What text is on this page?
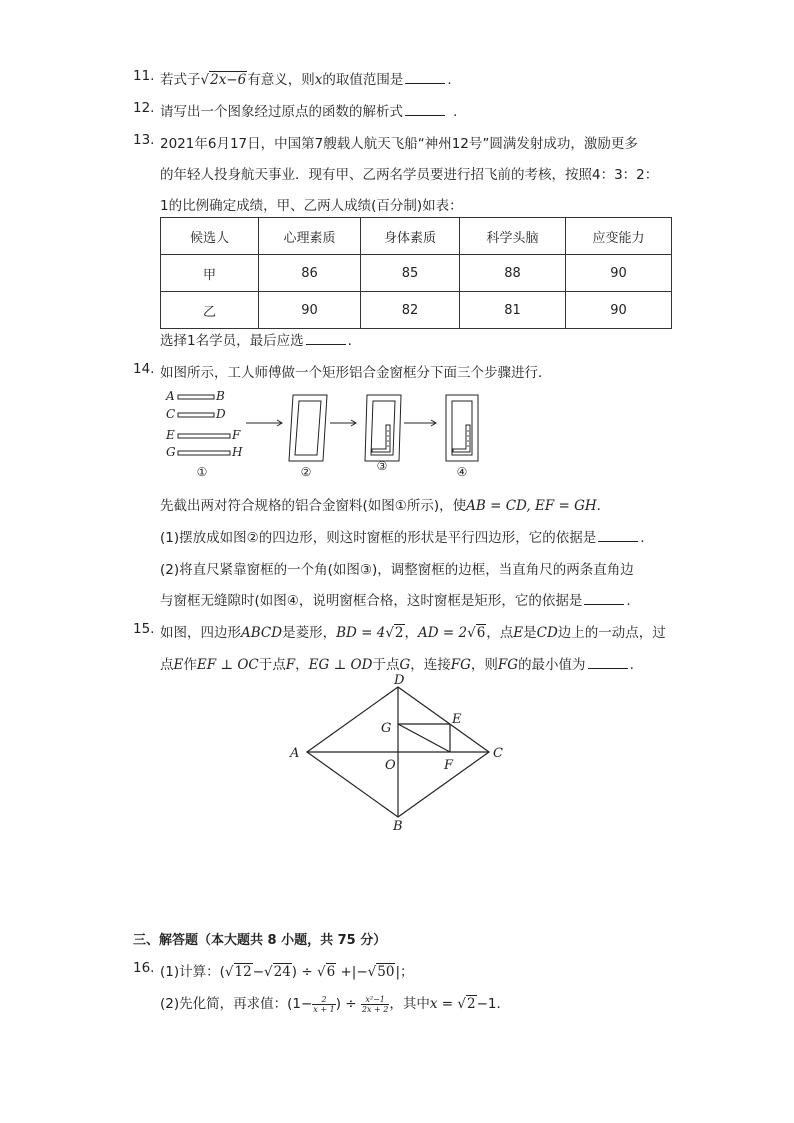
11. 若式子√2x−6有意义，则x的取值范围是	.
12. 请写出一个图象经过原点的函数的解析式	.
13. 2021年6月17日，中国第7艘载人航天飞船“神州12号”圆满发射成功，激励更多
的年轻人投身航天事业．现有甲、乙两名学员要进行招飞前的考核，按照4：3：2：
1的比例确定成绩，甲、乙两人成绩(百分制)如表：
候选人	心理素质	身体素质	科学头脑	应变能力
甲	86	85	88	90
乙	90	82	81	90
选择1名学员，最后应选	.
14. 如图所示，工人师傅做一个矩形铝合金窗框分下面三个步骤进行．
A	B
C	D
E	F
G	H
①	②	③	④
先截出两对符合规格的铝合金窗料(如图①所示)，使AB = CD, EF = GH．
(1)摆放成如图②的四边形，则这时窗框的形状是平行四边形，它的依据是	.
(2)将直尺紧靠窗框的一个角(如图③)，调整窗框的边框，当直角尺的两条直角边
与窗框无缝隙时(如图④，说明窗框合格，这时窗框是矩形，它的依据是	.
15. 如图，四边形ABCD是菱形，BD = 4√2，AD = 2√6，点E是CD边上的一动点，过
点E作EF ⊥ OC于点F，EG ⊥ OD于点G，连接FG，则FG的最小值为	.
A
D
C
B
G
E
F
O
三、解答题（本大题共 8 小题，共 75 分）
16. (1)计算：(√12−√24) ÷ √6 +|−√50|；
(2)先化简，再求值：($1- \frac{2}{x + 1}$ ) ÷ $\frac{\text{x²−1}}{2x + 2}$ ，其中x = √2−1．
